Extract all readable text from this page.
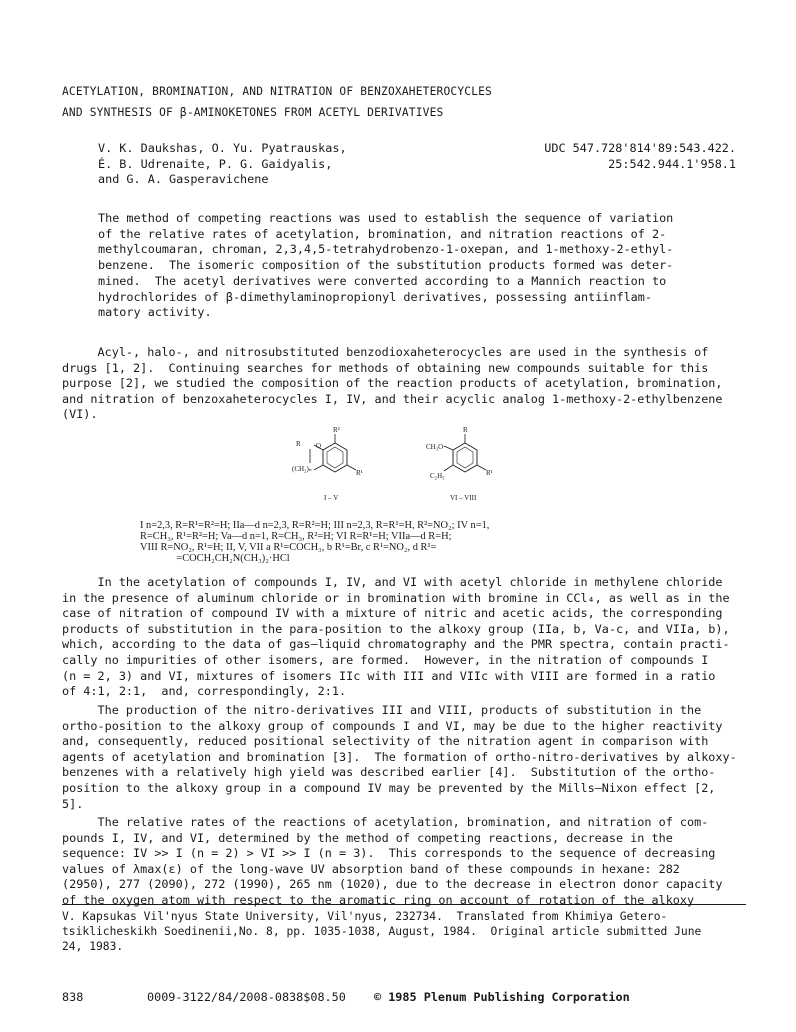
ACETYLATION, BROMINATION, AND NITRATION OF BENZOXAHETEROCYCLES
AND SYNTHESIS OF β-AMINOKETONES FROM ACETYL DERIVATIVES
V. K. Daukshas, O. Yu. Pyatrauskas,
É. B. Udrenaite, P. G. Gaidyalis,
and G. A. Gasperavichene
UDC 547.728'814'89:543.422.
25:542.944.1'958.1
The method of competing reactions was used to establish the sequence of variation
of the relative rates of acetylation, bromination, and nitration reactions of 2-
methylcoumaran, chroman, 2,3,4,5-tetrahydrobenzo-1-oxepan, and 1-methoxy-2-ethyl-
benzene.  The isomeric composition of the substitution products formed was deter-
mined.  The acetyl derivatives were converted according to a Mannich reaction to
hydrochlorides of β-dimethylaminopropionyl derivatives, possessing antiinflam-
matory activity.
Acyl-, halo-, and nitrosubstituted benzodioxaheterocycles are used in the synthesis of
drugs [1, 2].  Continuing searches for methods of obtaining new compounds suitable for this
purpose [2], we studied the composition of the reaction products of acetylation, bromination,
and nitration of benzoxaheterocycles I, IV, and their acyclic analog 1-methoxy-2-ethylbenzene
(VI).
R²
R O
(CH₂)ₙ	R¹
I – V
R
CH₃O
C₂H₅	R¹
VI – VIII
I n=2,3, R=R¹=R²=H; IIa—d n=2,3, R=R²=H; III n=2,3, R=R¹=H, R²=NO₂; IV n=1,
R=CH₃, R¹=R²=H; Va—d n=1, R=CH₃, R²=H; VI R=R¹=H; VIIa—d R=H;
VIII R=NO₂, R¹=H; II, V, VII a R¹=COCH₃, b R¹=Br, c R¹=NO₂, d R¹=
=COCH₂CH₂N(CH₃)₂·HCl
In the acetylation of compounds I, IV, and VI with acetyl chloride in methylene chloride
in the presence of aluminum chloride or in bromination with bromine in CCl₄, as well as in the
case of nitration of compound IV with a mixture of nitric and acetic acids, the corresponding
products of substitution in the para-position to the alkoxy group (IIa, b, Va-c, and VIIa, b),
which, according to the data of gas—liquid chromatography and the PMR spectra, contain practi-
cally no impurities of other isomers, are formed.  However, in the nitration of compounds I
(n = 2, 3) and VI, mixtures of isomers IIc with III and VIIc with VIII are formed in a ratio
of 4:1, 2:1,  and, correspondingly, 2:1.
The production of the nitro-derivatives III and VIII, products of substitution in the
ortho-position to the alkoxy group of compounds I and VI, may be due to the higher reactivity
and, consequently, reduced positional selectivity of the nitration agent in comparison with
agents of acetylation and bromination [3].  The formation of ortho-nitro-derivatives by alkoxy-
benzenes with a relatively high yield was described earlier [4].  Substitution of the ortho-
position to the alkoxy group in a compound IV may be prevented by the Mills—Nixon effect [2,
5].
The relative rates of the reactions of acetylation, bromination, and nitration of com-
pounds I, IV, and VI, determined by the method of competing reactions, decrease in the
sequence: IV >> I (n = 2) > VI >> I (n = 3).  This corresponds to the sequence of decreasing
values of λmax(ε) of the long-wave UV absorption band of these compounds in hexane: 282
(2950), 277 (2090), 272 (1990), 265 nm (1020), due to the decrease in electron donor capacity
of the oxygen atom with respect to the aromatic ring on account of rotation of the alkoxy
V. Kapsukas Vil'nyus State University, Vil'nyus, 232734.  Translated from Khimiya Getero-
tsiklicheskikh Soedinenii,No. 8, pp. 1035-1038, August, 1984.  Original article submitted June
24, 1983.
838	0009-3122/84/2008-0838$08.50 © 1985 Plenum Publishing Corporation
